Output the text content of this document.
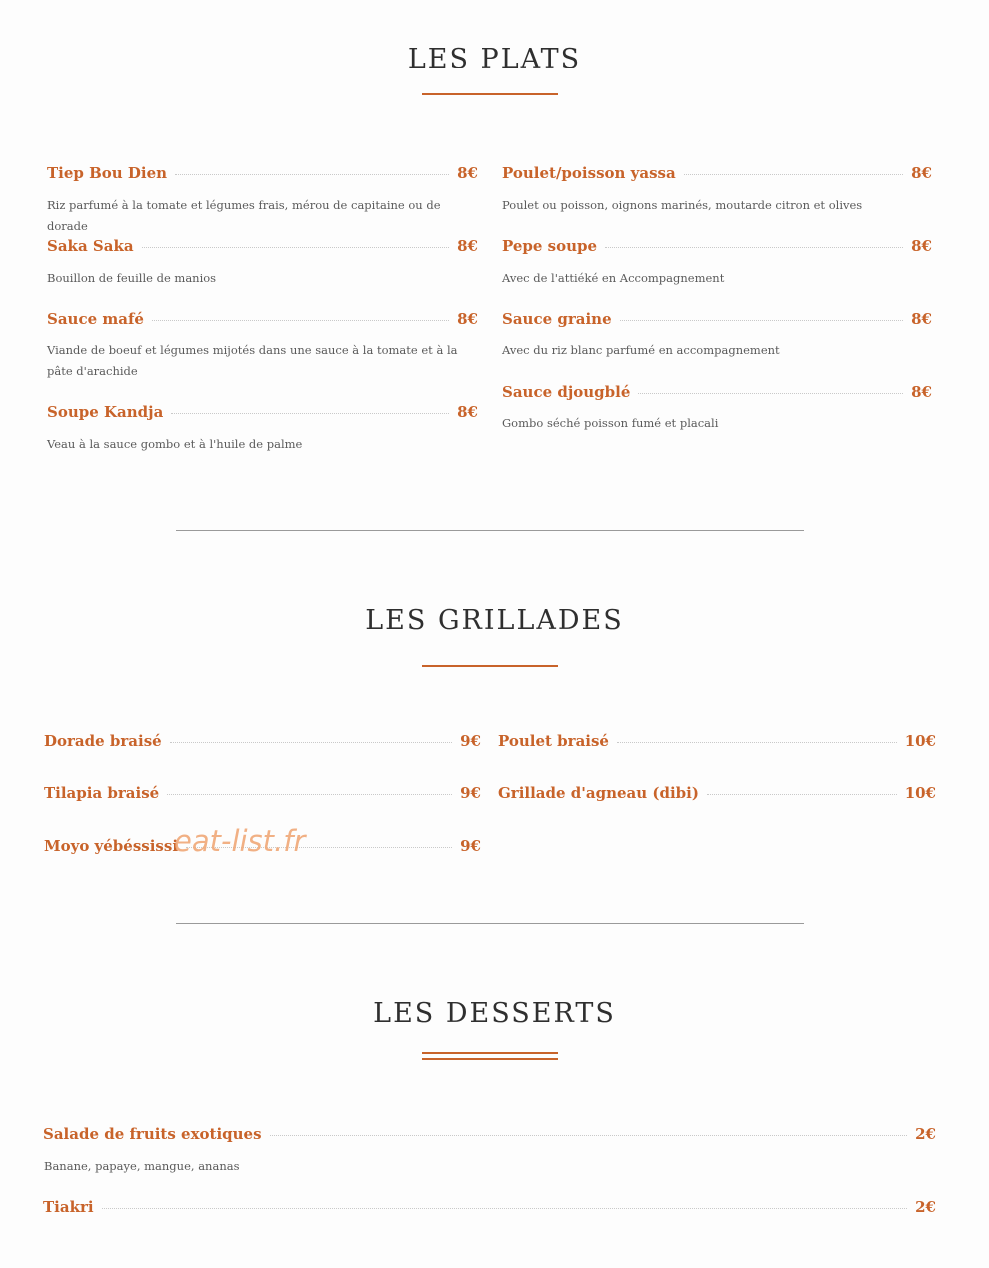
LES PLATS
Tiep Bou Dien	8€
Riz parfumé à la tomate et légumes frais, mérou de capitaine ou de dorade
Saka Saka	8€
Bouillon de feuille de manios
Sauce mafé	8€
Viande de boeuf et légumes mijotés dans une sauce à la tomate et à la pâte d'arachide
Soupe Kandja	8€
Veau à la sauce gombo et à l'huile de palme
Poulet/poisson yassa	8€
Poulet ou poisson, oignons marinés, moutarde citron et olives
Pepe soupe	8€
Avec de l'attiéké en Accompagnement
Sauce graine	8€
Avec du riz blanc parfumé en accompagnement
Sauce djougblé	8€
Gombo séché poisson fumé et placali
LES GRILLADES
Dorade braisé	9€
Tilapia braisé	9€
Moyo yébéssissi	9€
Poulet braisé	10€
Grillade d'agneau (dibi)	10€
eat-list.fr
LES DESSERTS
Salade de fruits exotiques	2€
Banane, papaye, mangue, ananas
Tiakri	2€
